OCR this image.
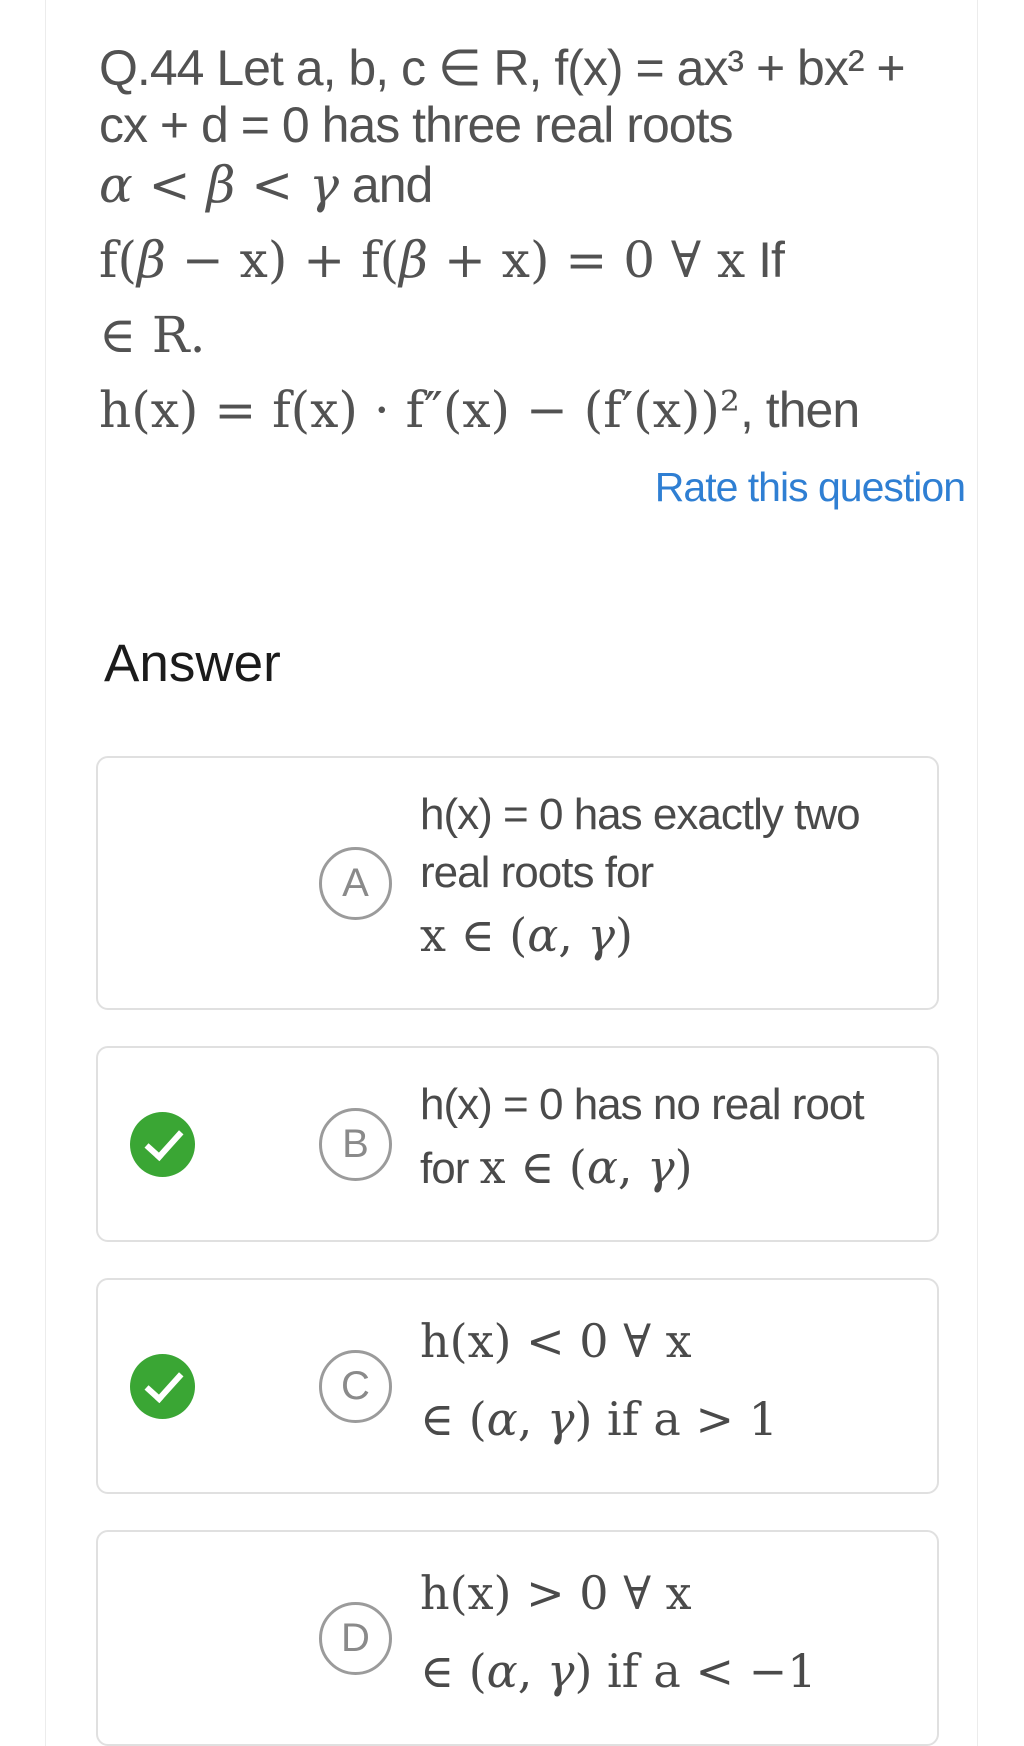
Q.44 Let a, b, c ∈ R, f(x) = ax³ + bx² +
cx + d = 0 has three real roots
α < β < γ and
f(β − x) + f(β + x) = 0 ∀ x If
∈ R.
h(x) = f(x) · f″(x) − (f′(x))², then
Rate this question
Answer
A
h(x) = 0 has exactly two
real roots for
x ∈ (α, γ)
B
h(x) = 0 has no real root
for x ∈ (α, γ)
C
h(x) < 0 ∀ x
∈ (α, γ) if a > 1
D
h(x) > 0 ∀ x
∈ (α, γ) if a < −1
